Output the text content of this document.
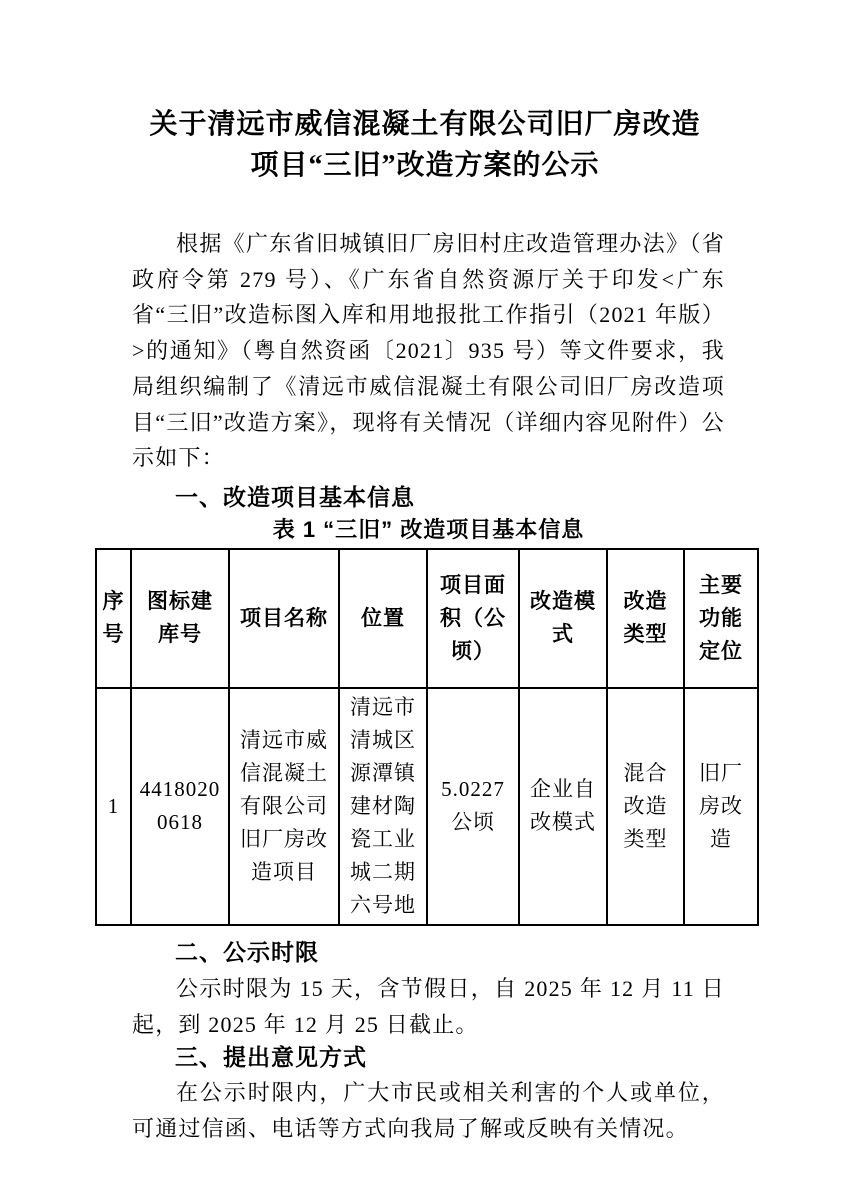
关于清远市威信混凝土有限公司旧厂房改造
项目“三旧”改造方案的公示

根据《广东省旧城镇旧厂房旧村庄改造管理办法》（省政府令第 279 号）、《广东省自然资源厅关于印发<广东省“三旧”改造标图入库和用地报批工作指引（2021 年版）>的通知》（粤自然资函〔2021〕935 号）等文件要求，我局组织编制了《清远市威信混凝土有限公司旧厂房改造项目“三旧”改造方案》，现将有关情况（详细内容见附件）公示如下：

一、改造项目基本信息
表 1 “三旧” 改造项目基本信息
序号	图标建库号	项目名称	位置	项目面积（公顷）	改造模式	改造类型	主要功能定位
1	44180200618	清远市威信混凝土有限公司旧厂房改造项目	清远市清城区源潭镇建材陶瓷工业城二期六号地	5.0227 公顷	企业自改模式	混合改造类型	旧厂房改造
二、公示时限

公示时限为 15 天，含节假日，自 2025 年 12 月 11 日起，到 2025 年 12 月 25 日截止。

三、提出意见方式

在公示时限内，广大市民或相关利害的个人或单位，可通过信函、电话等方式向我局了解或反映有关情况。
